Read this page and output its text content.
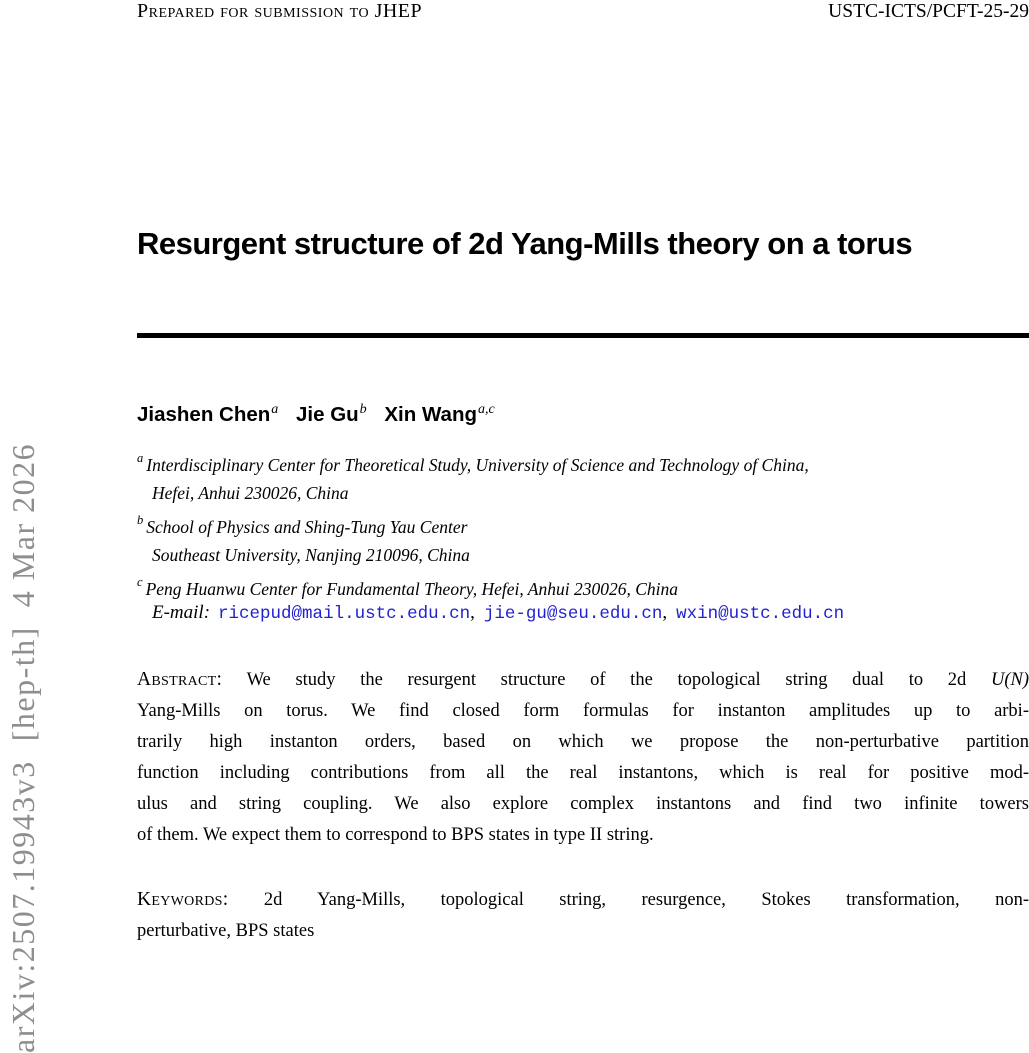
arXiv:2507.19943v3  [hep-th]  4 Mar 2026
Prepared for submission to JHEP	USTC-ICTS/PCFT-25-29
Resurgent structure of 2d Yang-Mills theory on a torus
Jiashen Chen$^a$ Jie Gu$^b$ Xin Wang$^{a,c}$
$^a$ Interdisciplinary Center for Theoretical Study, University of Science and Technology of China,
Hefei, Anhui 230026, China
$^b$ School of Physics and Shing-Tung Yau Center
Southeast University, Nanjing 210096, China
$^c$ Peng Huanwu Center for Fundamental Theory, Hefei, Anhui 230026, China
E-mail: ricepud@mail.ustc.edu.cn, jie-gu@seu.edu.cn, wxin@ustc.edu.cn
Abstract: We study the resurgent structure of the topological string dual to 2d U(N)
Yang-Mills on torus. We find closed form formulas for instanton amplitudes up to arbi-
trarily high instanton orders, based on which we propose the non-perturbative partition
function including contributions from all the real instantons, which is real for positive mod-
ulus and string coupling. We also explore complex instantons and find two infinite towers
of them. We expect them to correspond to BPS states in type II string.
Keywords: 2d Yang-Mills, topological string, resurgence, Stokes transformation, non-
perturbative, BPS states
